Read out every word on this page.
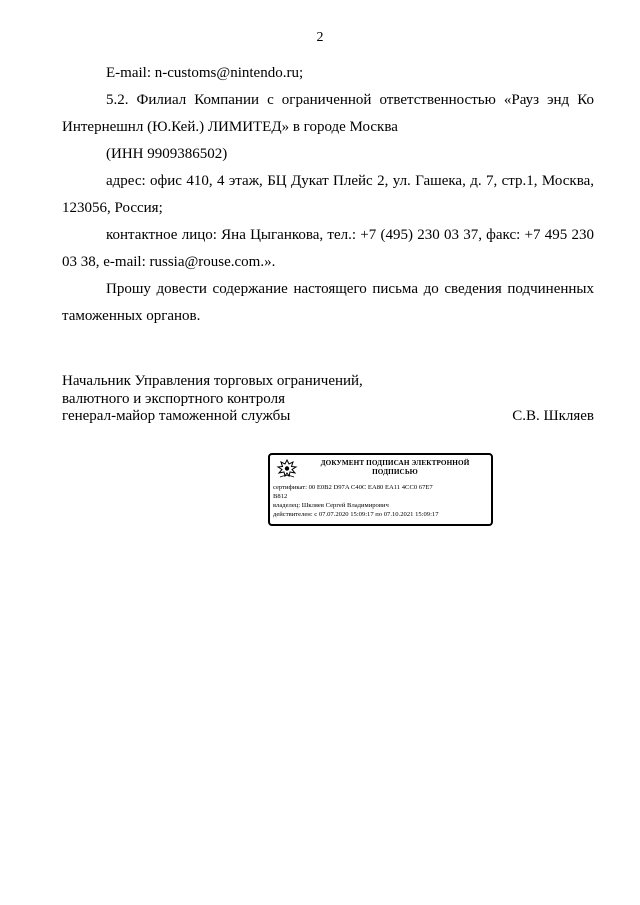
2

E-mail: n-customs@nintendo.ru;

5.2. Филиал Компании с ограниченной ответственностью «Рауз энд Ко
Интернешнл (Ю.Кей.) ЛИМИТЕД» в городе Москва

(ИНН 9909386502)

адрес: офис 410, 4 этаж, БЦ Дукат Плейс 2, ул. Гашека, д. 7, стр.1, Москва,
123056, Россия;

контактное лицо: Яна Цыганкова, тел.: +7 (495) 230 03 37, факс: +7 495 230
03 38, e-mail: russia@rouse.com.».

Прошу довести содержание настоящего письма до сведения подчиненных
таможенных органов.

Начальник Управления торговых ограничений,
валютного и экспортного контроля
генерал-майор таможенной службы	С.В. Шкляев
ДОКУМЕНТ ПОДПИСАН ЭЛЕКТРОННОЙ
ПОДПИСЬЮ
сертификат: 00 E0B2 D97A C40C EA80 EA11 4CC0 67E7
B812
владелец: Шкляев Сергей Владимирович
действителен: с 07.07.2020 15:09:17 по 07.10.2021 15:09:17
